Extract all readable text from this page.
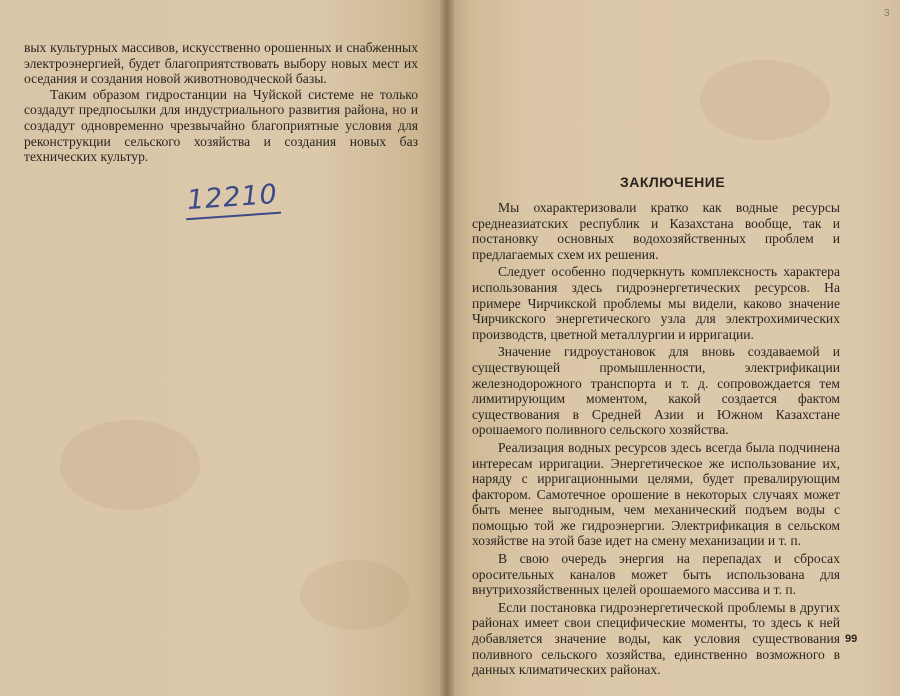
вых культурных массивов, искусственно орошенных и снабженных электроэнергией, будет благоприятствовать выбору новых мест их оседания и создания новой животноводческой базы.

Таким образом гидростанции на Чуйской системе не только создадут предпосылки для индустриального развития района, но и создадут одновременно чрезвычайно благоприятные условия для реконструкции сельского хозяйства и создания новых баз технических культур.

12210	ЗАКЛЮЧЕНИЕ

Мы охарактеризовали кратко как водные ресурсы среднеазиатских республик и Казахстана вообще, так и постановку основных водохозяйственных проблем и предлагаемых схем их решения.

Следует особенно подчеркнуть комплексность характера использования здесь гидроэнергетических ресурсов. На примере Чирчикской проблемы мы видели, каково значение Чирчикского энергетического узла для электрохимических производств, цветной металлургии и ирригации.

Значение гидроустановок для вновь создаваемой и существующей промышленности, электрификации железнодорожного транспорта и т. д. сопровождается тем лимитирующим моментом, какой создается фактом существования в Средней Азии и Южном Казахстане орошаемого поливного сельского хозяйства.

Реализация водных ресурсов здесь всегда была подчинена интересам ирригации. Энергетическое же использование их, наряду с ирригационными целями, будет превалирующим фактором. Самотечное орошение в некоторых случаях может быть менее выгодным, чем механический подъем воды с помощью той же гидроэнергии. Электрификация в сельском хозяйстве на этой базе идет на смену механизации и т. п.

В свою очередь энергия на перепадах и сбросах оросительных каналов может быть использована для внутрихозяйственных целей орошаемого массива и т. п.

Если постановка гидроэнергетической проблемы в других районах имеет свои специфические моменты, то здесь к ней добавляется значение воды, как условия существования поливного сельского хозяйства, единственно возможного в данных климатических районах.

99
3
